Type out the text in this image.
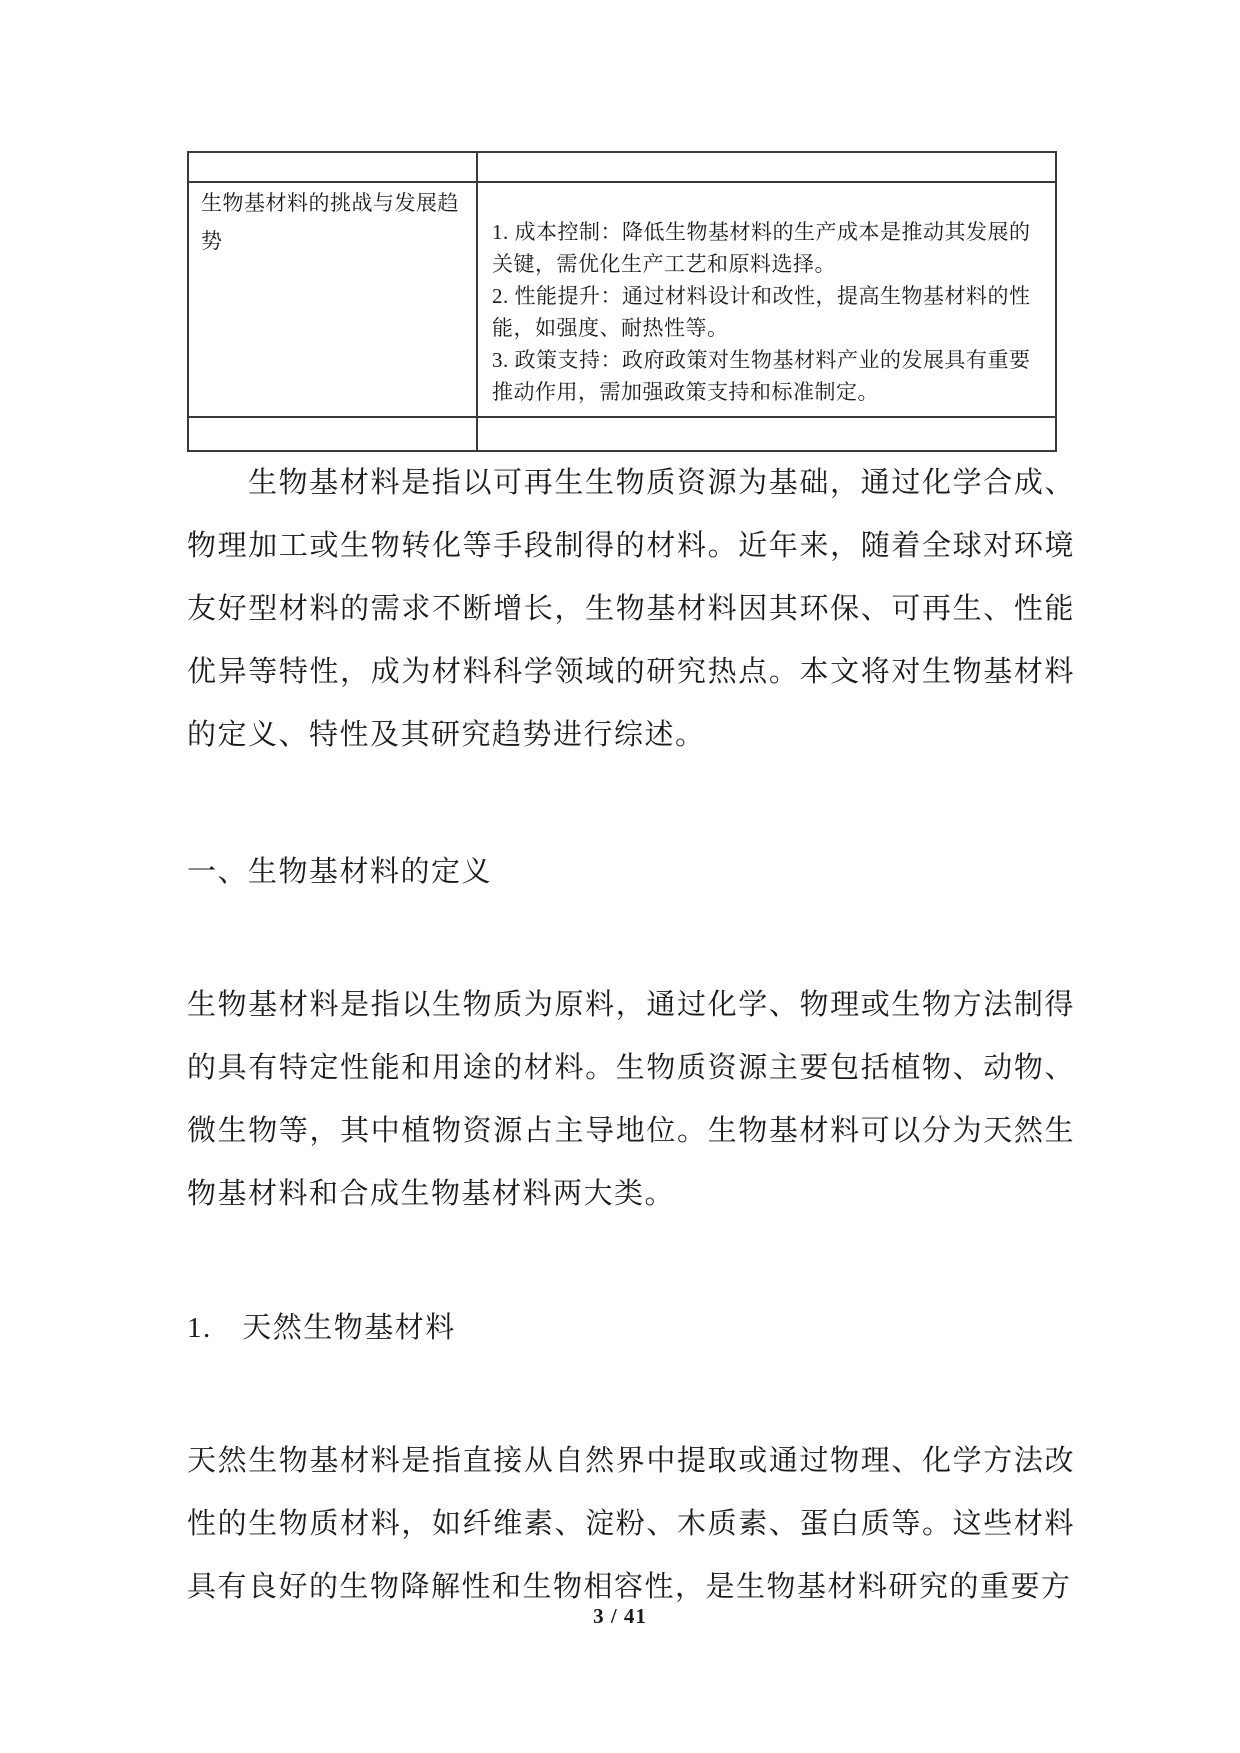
生物基材料的挑战与发展趋势	1. 成本控制：降低生物基材料的生产成本是推动其发展的关键，需优化生产工艺和原料选择。
2. 性能提升：通过材料设计和改性，提高生物基材料的性能，如强度、耐热性等。
3. 政策支持：政府政策对生物基材料产业的发展具有重要推动作用，需加强政策支持和标准制定。

生物基材料是指以可再生生物质资源为基础，通过化学合成、物理加工或生物转化等手段制得的材料。近年来，随着全球对环境友好型材料的需求不断增长，生物基材料因其环保、可再生、性能优异等特性，成为材料科学领域的研究热点。本文将对生物基材料的定义、特性及其研究趋势进行综述。

一、生物基材料的定义

生物基材料是指以生物质为原料，通过化学、物理或生物方法制得的具有特定性能和用途的材料。生物质资源主要包括植物、动物、微生物等，其中植物资源占主导地位。生物基材料可以分为天然生物基材料和合成生物基材料两大类。

1.　天然生物基材料

天然生物基材料是指直接从自然界中提取或通过物理、化学方法改性的生物质材料，如纤维素、淀粉、木质素、蛋白质等。这些材料具有良好的生物降解性和生物相容性，是生物基材料研究的重要方

3 / 41
